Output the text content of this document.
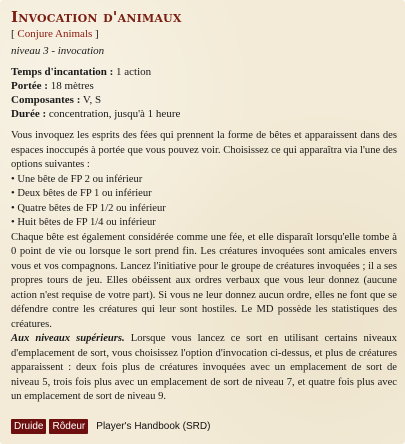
Invocation d'animaux
[ Conjure Animals ]
niveau 3 - invocation
Temps d'incantation : 1 action
Portée : 18 mètres
Composantes : V, S
Durée : concentration, jusqu'à 1 heure

Vous invoquez les esprits des fées qui prennent la forme de bêtes et apparaissent dans des espaces inoccupés à portée que vous pouvez voir. Choisissez ce qui apparaîtra via l'une des options suivantes :

• Une bête de FP 2 ou inférieur
• Deux bêtes de FP 1 ou inférieur
• Quatre bêtes de FP 1/2 ou inférieur
• Huit bêtes de FP 1/4 ou inférieur

Chaque bête est également considérée comme une fée, et elle disparaît lorsqu'elle tombe à 0 point de vie ou lorsque le sort prend fin. Les créatures invoquées sont amicales envers vous et vos compagnons. Lancez l'initiative pour le groupe de créatures invoquées ; il a ses propres tours de jeu. Elles obéissent aux ordres verbaux que vous leur donnez (aucune action n'est requise de votre part). Si vous ne leur donnez aucun ordre, elles ne font que se défendre contre les créatures qui leur sont hostiles. Le MD possède les statistiques des créatures.

Aux niveaux supérieurs. Lorsque vous lancez ce sort en utilisant certains niveaux d'emplacement de sort, vous choisissez l'option d'invocation ci-dessus, et plus de créatures apparaissent : deux fois plus de créatures invoquées avec un emplacement de sort de niveau 5, trois fois plus avec un emplacement de sort de niveau 7, et quatre fois plus avec un emplacement de sort de niveau 9.

Druide Rôdeur	Player's Handbook (SRD)
